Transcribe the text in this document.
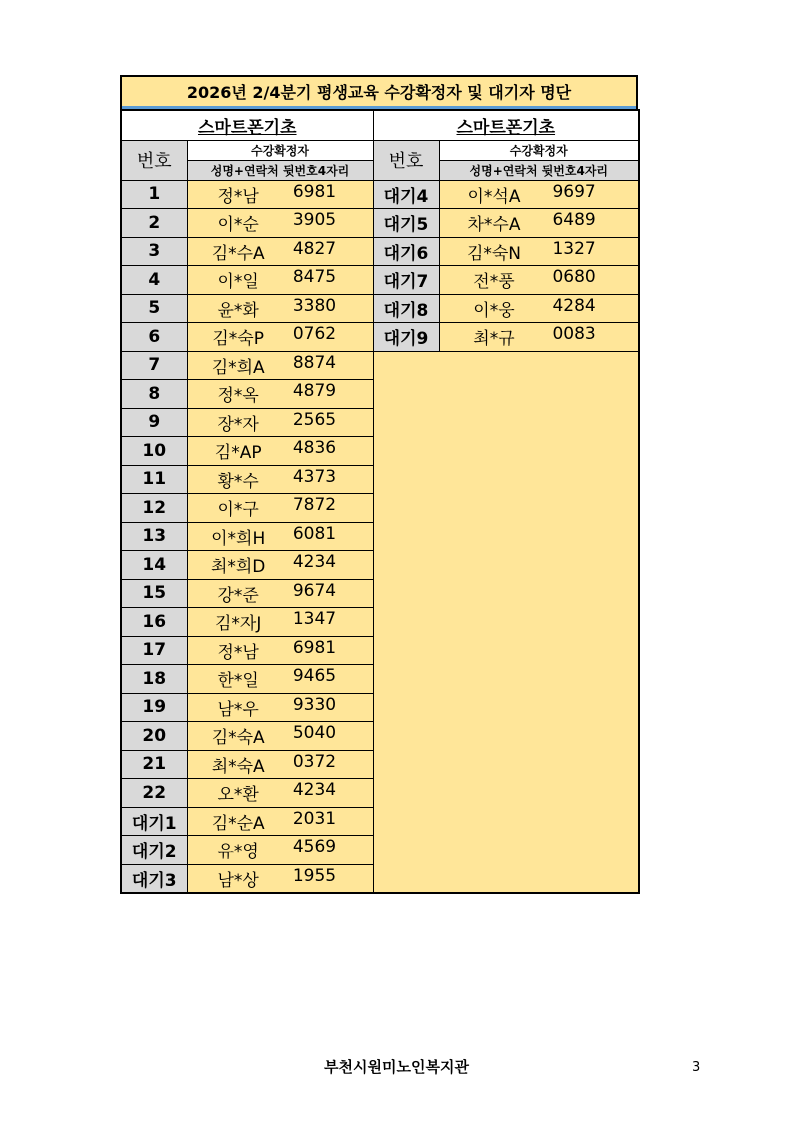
2026년 2/4분기 평생교육 수강확정자 및 대기자 명단
스마트폰기초		스마트폰기초	
번호	수강확정자	번호	수강확정자
	성명+연락처 뒷번호4자리		성명+연락처 뒷번호4자리
1	정*남 6981	대기4	이*석A 9697

2	이*순 3905	대기5	차*수A 6489

3	김*수A 4827	대기6	김*숙N 1327

4	이*일 8475	대기7	전*풍 0680

5	윤*화 3380	대기8	이*웅 4284

6	김*숙P 0762	대기9	최*규 0083

7	김*희A 8874		

8	정*옥 4879		

9	장*자 2565		

10	김*AP 4836		

11	황*수 4373		

12	이*구 7872		

13	이*희H 6081		

14	최*희D 4234		

15	강*준 9674		

16	김*자J 1347		

17	정*남 6981		

18	한*일 9465		

19	남*우 9330		

20	김*숙A 5040		

21	최*숙A 0372		

22	오*환 4234		

대기1	김*순A 2031		

대기2	유*영 4569		

대기3	남*상 1955		
부천시원미노인복지관	3
